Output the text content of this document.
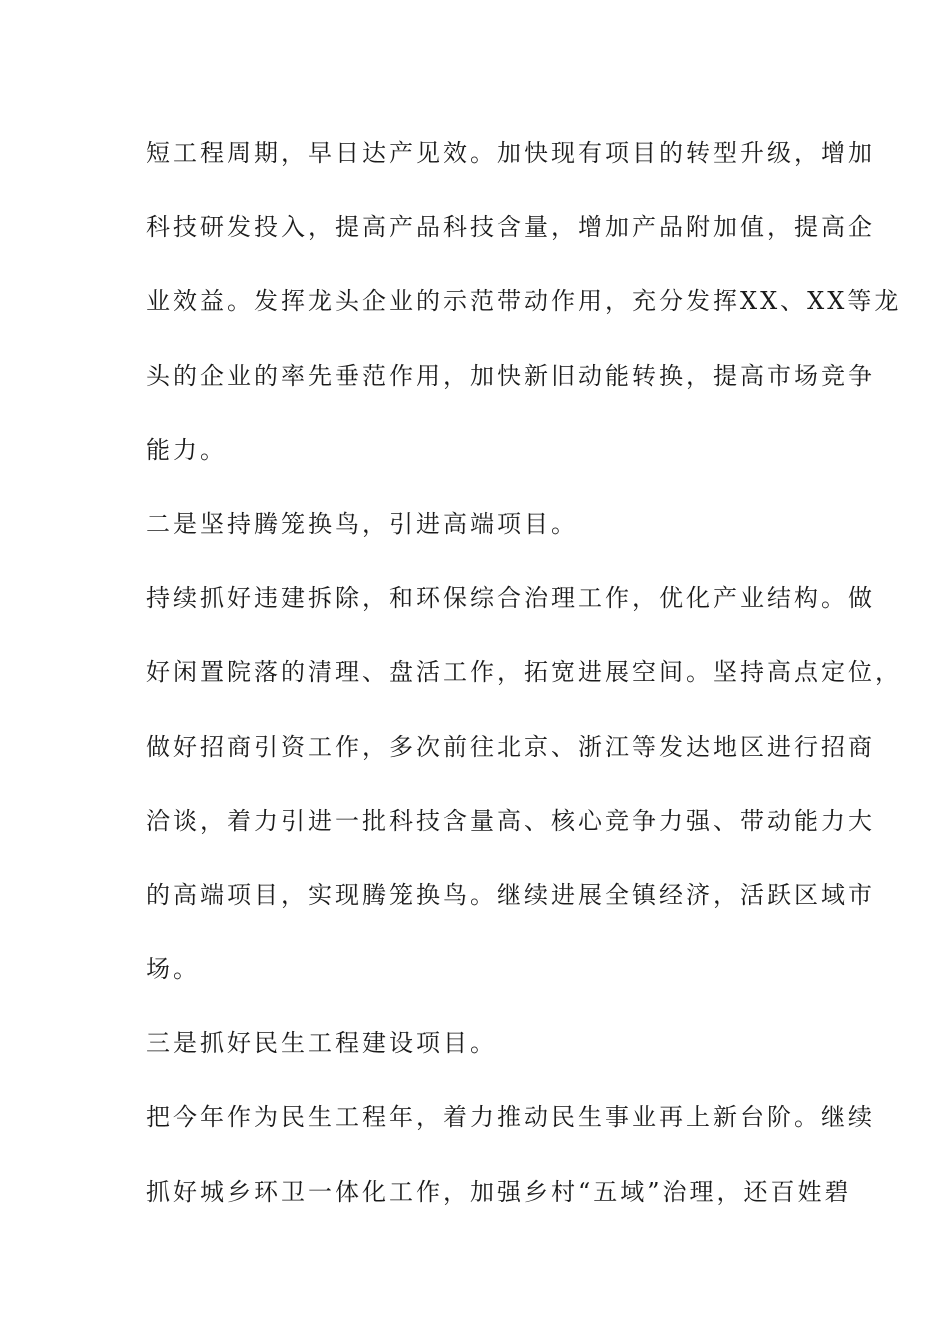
短工程周期，早日达产见效。加快现有项目的转型升级，增加
科技研发投入，提高产品科技含量，增加产品附加值，提高企
业效益。发挥龙头企业的示范带动作用，充分发挥XX、XX等龙
头的企业的率先垂范作用，加快新旧动能转换，提高市场竞争
能力。
二是坚持腾笼换鸟，引进高端项目。
持续抓好违建拆除，和环保综合治理工作，优化产业结构。做
好闲置院落的清理、盘活工作，拓宽进展空间。坚持高点定位，
做好招商引资工作，多次前往北京、浙江等发达地区进行招商
洽谈，着力引进一批科技含量高、核心竞争力强、带动能力大
的高端项目，实现腾笼换鸟。继续进展全镇经济，活跃区域市
场。
三是抓好民生工程建设项目。
把今年作为民生工程年，着力推动民生事业再上新台阶。继续
抓好城乡环卫一体化工作，加强乡村“五域”治理，还百姓碧
